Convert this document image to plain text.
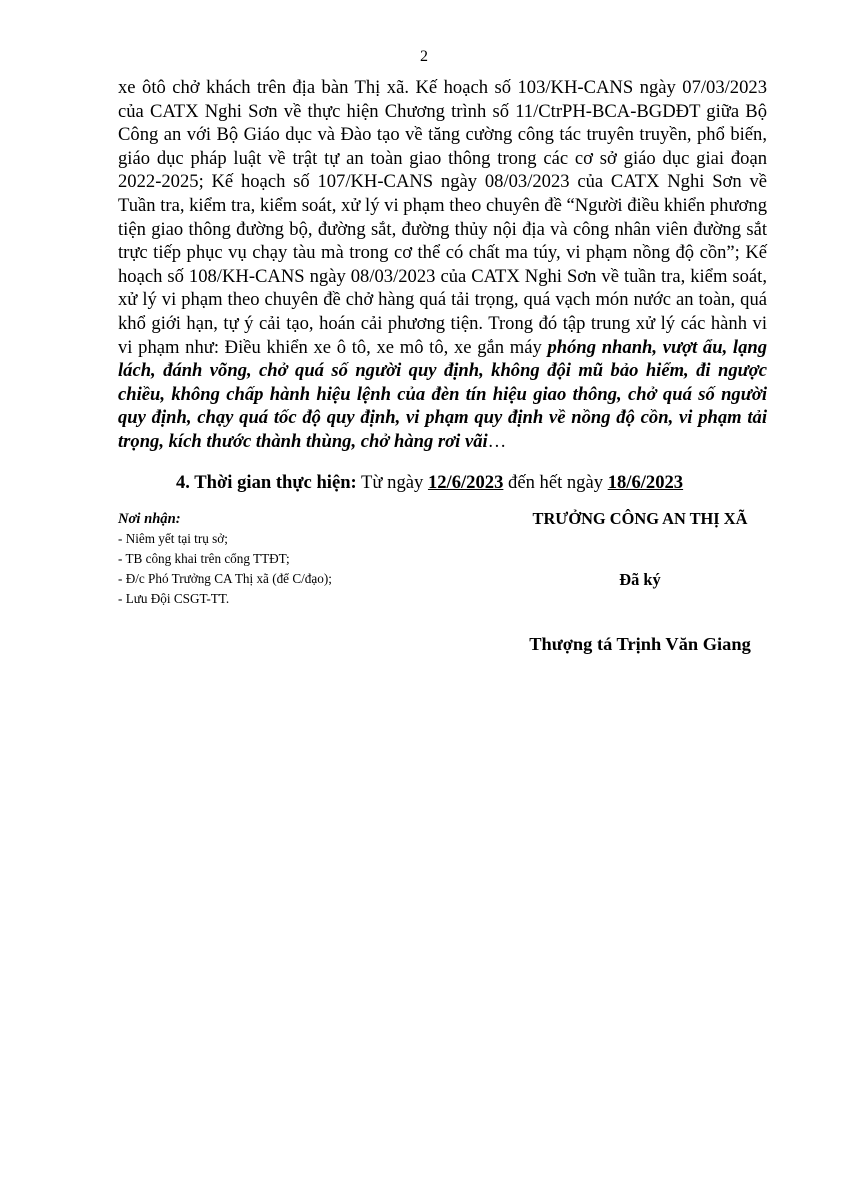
2

xe ôtô chở khách trên địa bàn Thị xã. Kế hoạch số 103/KH-CANS ngày 07/03/2023 của CATX Nghi Sơn về thực hiện Chương trình số 11/CtrPH-BCA-BGDĐT giữa Bộ Công an với Bộ Giáo dục và Đào tạo về tăng cường công tác truyên truyền, phổ biến, giáo dục pháp luật về trật tự an toàn giao thông trong các cơ sở giáo dục giai đoạn 2022-2025; Kế hoạch số 107/KH-CANS ngày 08/03/2023 của CATX Nghi Sơn về Tuần tra, kiểm tra, kiểm soát, xử lý vi phạm theo chuyên đề “Người điều khiển phương tiện giao thông đường bộ, đường sắt, đường thủy nội địa và công nhân viên đường sắt trực tiếp phục vụ chạy tàu mà trong cơ thể có chất ma túy, vi phạm nồng độ cồn”; Kế hoạch số 108/KH-CANS ngày 08/03/2023 của CATX Nghi Sơn về tuần tra, kiểm soát, xử lý vi phạm theo chuyên đề chở hàng quá tải trọng, quá vạch món nước an toàn, quá khổ giới hạn, tự ý cải tạo, hoán cải phương tiện. Trong đó tập trung xử lý các hành vi vi phạm như: Điều khiển xe ô tô, xe mô tô, xe gắn máy phóng nhanh, vượt ẩu, lạng lách, đánh võng, chở quá số người quy định, không đội mũ bảo hiểm, đi ngược chiều, không chấp hành hiệu lệnh của đèn tín hiệu giao thông, chở quá số người quy định, chạy quá tốc độ quy định, vi phạm quy định về nồng độ cồn, vi phạm tải trọng, kích thước thành thùng, chở hàng rơi vãi…

4. Thời gian thực hiện: Từ ngày 12/6/2023 đến hết ngày 18/6/2023

Nơi nhận:
- Niêm yết tại trụ sở;
- TB công khai trên cổng TTĐT;
- Đ/c Phó Trưởng CA Thị xã (để C/đạo);
- Lưu Đội CSGT-TT.
TRƯỞNG CÔNG AN THỊ XÃ
Đã ký
Thượng tá Trịnh Văn Giang
